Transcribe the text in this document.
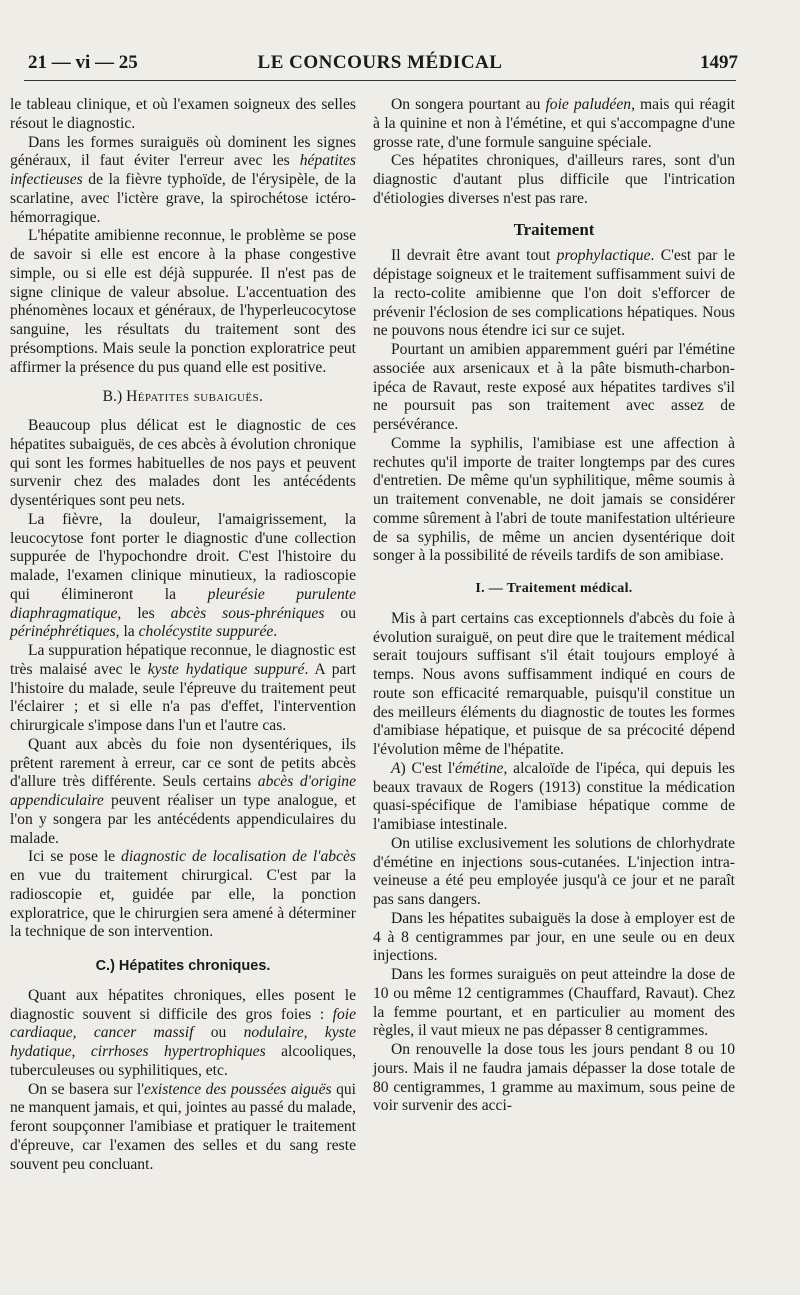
21 — vi — 25	LE CONCOURS MÉDICAL	1497

le tableau clinique, et où l'examen soigneux des selles résout le diagnostic.

Dans les formes suraiguës où dominent les signes généraux, il faut éviter l'erreur avec les hépatites infectieuses de la fièvre typhoïde, de l'érysipèle, de la scarlatine, avec l'ictère grave, la spirochétose ictéro-hémorragique.

L'hépatite amibienne reconnue, le problème se pose de savoir si elle est encore à la phase congestive simple, ou si elle est déjà suppurée. Il n'est pas de signe clinique de valeur absolue. L'accentuation des phénomènes locaux et généraux, de l'hyperleucocytose sanguine, les résultats du traitement sont des présomptions. Mais seule la ponction exploratrice peut affirmer la présence du pus quand elle est positive.

B.) Hépatites subaiguës.

Beaucoup plus délicat est le diagnostic de ces hépatites subaiguës, de ces abcès à évolution chronique qui sont les formes habituelles de nos pays et peuvent survenir chez des malades dont les antécédents dysentériques sont peu nets.

La fièvre, la douleur, l'amaigrissement, la leucocytose font porter le diagnostic d'une collection suppurée de l'hypochondre droit. C'est l'histoire du malade, l'examen clinique minutieux, la radioscopie qui élimineront la pleurésie purulente diaphragmatique, les abcès sous-phréniques ou périnéphrétiques, la cholécystite suppurée.

La suppuration hépatique reconnue, le diagnostic est très malaisé avec le kyste hydatique suppuré. A part l'histoire du malade, seule l'épreuve du traitement peut l'éclairer ; et si elle n'a pas d'effet, l'intervention chirurgicale s'impose dans l'un et l'autre cas.

Quant aux abcès du foie non dysentériques, ils prêtent rarement à erreur, car ce sont de petits abcès d'allure très différente. Seuls certains abcès d'origine appendiculaire peuvent réaliser un type analogue, et l'on y songera par les antécédents appendiculaires du malade.

Ici se pose le diagnostic de localisation de l'abcès en vue du traitement chirurgical. C'est par la radioscopie et, guidée par elle, la ponction exploratrice, que le chirurgien sera amené à déterminer la technique de son intervention.

C.) Hépatites chroniques.

Quant aux hépatites chroniques, elles posent le diagnostic souvent si difficile des gros foies : foie cardiaque, cancer massif ou nodulaire, kyste hydatique, cirrhoses hypertrophiques alcooliques, tuberculeuses ou syphilitiques, etc.

On se basera sur l'existence des poussées aiguës qui ne manquent jamais, et qui, jointes au passé du malade, feront soupçonner l'amibiase et pratiquer le traitement d'épreuve, car l'examen des selles et du sang reste souvent peu concluant.

On songera pourtant au foie paludéen, mais qui réagit à la quinine et non à l'émétine, et qui s'accompagne d'une grosse rate, d'une formule sanguine spéciale.

Ces hépatites chroniques, d'ailleurs rares, sont d'un diagnostic d'autant plus difficile que l'intrication d'étiologies diverses n'est pas rare.

Traitement

Il devrait être avant tout prophylactique. C'est par le dépistage soigneux et le traitement suffisamment suivi de la recto-colite amibienne que l'on doit s'efforcer de prévenir l'éclosion de ses complications hépatiques. Nous ne pouvons nous étendre ici sur ce sujet.

Pourtant un amibien apparemment guéri par l'émétine associée aux arsenicaux et à la pâte bismuth-charbon-ipéca de Ravaut, reste exposé aux hépatites tardives s'il ne poursuit pas son traitement avec assez de persévérance.

Comme la syphilis, l'amibiase est une affection à rechutes qu'il importe de traiter longtemps par des cures d'entretien. De même qu'un syphilitique, même soumis à un traitement convenable, ne doit jamais se considérer comme sûrement à l'abri de toute manifestation ultérieure de sa syphilis, de même un ancien dysentérique doit songer à la possibilité de réveils tardifs de son amibiase.

I. — Traitement médical.

Mis à part certains cas exceptionnels d'abcès du foie à évolution suraiguë, on peut dire que le traitement médical serait toujours suffisant s'il était toujours employé à temps. Nous avons suffisamment indiqué en cours de route son efficacité remarquable, puisqu'il constitue un des meilleurs éléments du diagnostic de toutes les formes d'amibiase hépatique, et puisque de sa précocité dépend l'évolution même de l'hépatite.

A) C'est l'émétine, alcaloïde de l'ipéca, qui depuis les beaux travaux de Rogers (1913) constitue la médication quasi-spécifique de l'amibiase hépatique comme de l'amibiase intestinale.

On utilise exclusivement les solutions de chlorhydrate d'émétine en injections sous-cutanées. L'injection intra-veineuse a été peu employée jusqu'à ce jour et ne paraît pas sans dangers.

Dans les hépatites subaiguës la dose à employer est de 4 à 8 centigrammes par jour, en une seule ou en deux injections.

Dans les formes suraiguës on peut atteindre la dose de 10 ou même 12 centigrammes (Chauffard, Ravaut). Chez la femme pourtant, et en particulier au moment des règles, il vaut mieux ne pas dépasser 8 centigrammes.

On renouvelle la dose tous les jours pendant 8 ou 10 jours. Mais il ne faudra jamais dépasser la dose totale de 80 centigrammes, 1 gramme au maximum, sous peine de voir survenir des acci-
